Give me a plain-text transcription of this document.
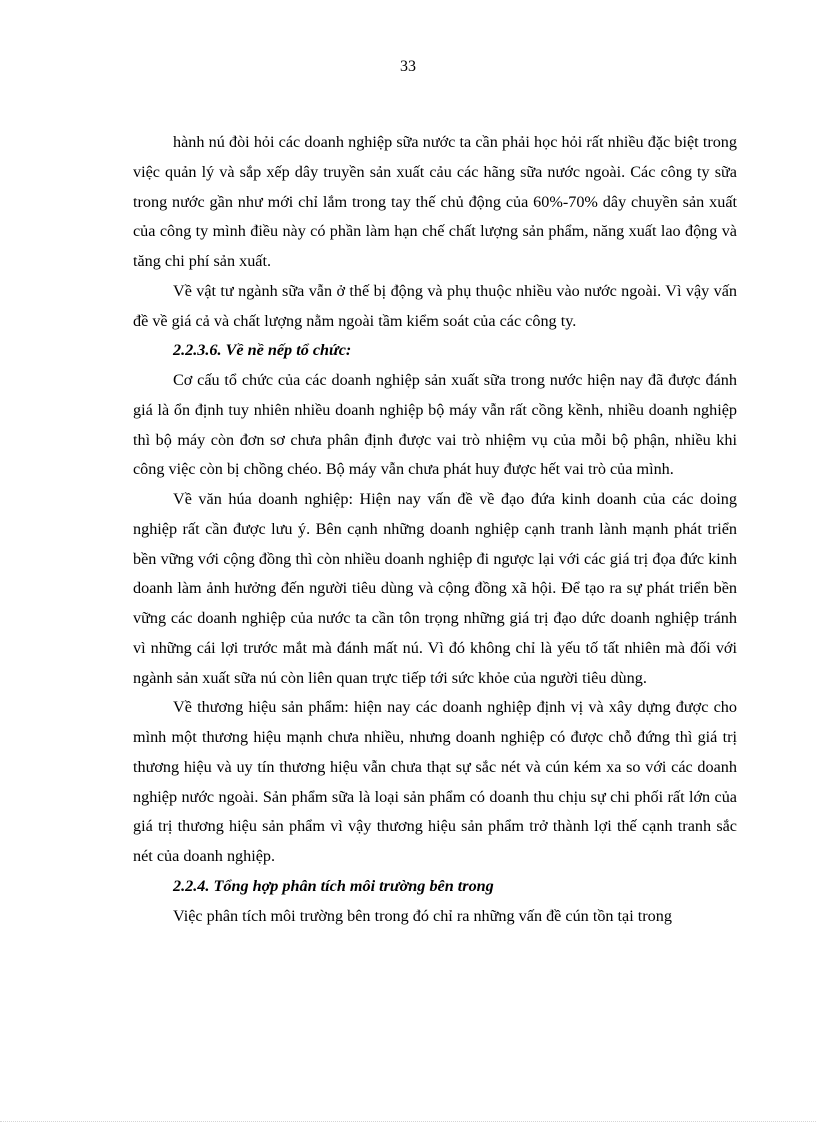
33

hành nú đòi hỏi các doanh nghiệp sữa nước ta cần phải học hỏi rất nhiều đặc biệt trong việc quản lý và sắp xếp dây truyền sản xuất cảu các hãng sữa nước ngoài. Các công ty sữa trong nước gần như mới chỉ lắm trong tay thế chủ động của 60%-70% dây chuyền sản xuất của công ty mình điều này có phần làm hạn chế chất lượng sản phẩm, năng xuất lao động và tăng chi phí sản xuất.

Về vật tư ngành sữa vẫn ở thế bị động và phụ thuộc nhiều vào nước ngoài. Vì vậy vấn đề về giá cả và chất lượng nằm ngoài tầm kiểm soát của các công ty.

2.2.3.6. Về nề nếp tổ chức:

Cơ cấu tổ chức của các doanh nghiệp sản xuất sữa trong nước hiện nay đã được đánh giá là ổn định tuy nhiên nhiều doanh nghiệp bộ máy vẫn rất cồng kềnh, nhiều doanh nghiệp thì bộ máy còn đơn sơ chưa phân định được vai trò nhiệm vụ của mỗi bộ phận, nhiều khi công việc còn bị chồng chéo. Bộ máy vẫn chưa phát huy được hết vai trò của mình.

Về văn húa doanh nghiệp: Hiện nay vấn đề về đạo đứa kinh doanh của các doing nghiệp rất cần được lưu ý. Bên cạnh những doanh nghiệp cạnh tranh lành mạnh phát triển bền vững với cộng đồng thì còn nhiều doanh nghiệp đi ngược lại với các giá trị đọa đức kinh doanh làm ảnh hưởng đến người tiêu dùng và cộng đồng xã hội. Để tạo ra sự phát triển bền vững các doanh nghiệp của nước ta cần tôn trọng những giá trị đạo dức doanh nghiệp tránh vì những cái lợi trước mắt mà đánh mất nú. Vì đó không chỉ là yếu tố tất nhiên mà đối với ngành sản xuất sữa nú còn liên quan trực tiếp tới sức khỏe của người tiêu dùng.

Về thương hiệu sản phẩm: hiện nay các doanh nghiệp định vị và xây dựng được cho mình một thương hiệu mạnh chưa nhiều, nhưng doanh nghiệp có được chỗ đứng thì giá trị thương hiệu và uy tín thương hiệu vẫn chưa thạt sự sắc nét và cún kém xa so với các doanh nghiệp nước ngoài. Sản phẩm sữa là loại sản phẩm có doanh thu chịu sự chi phối rất lớn của giá trị thương hiệu sản phẩm vì vậy thương hiệu sản phẩm trở thành lợi thế cạnh tranh sắc nét của doanh nghiệp.

2.2.4. Tổng hợp phân tích môi trường bên trong

Việc phân tích môi trường bên trong đó chỉ ra những vấn đề cún tồn tại trong
